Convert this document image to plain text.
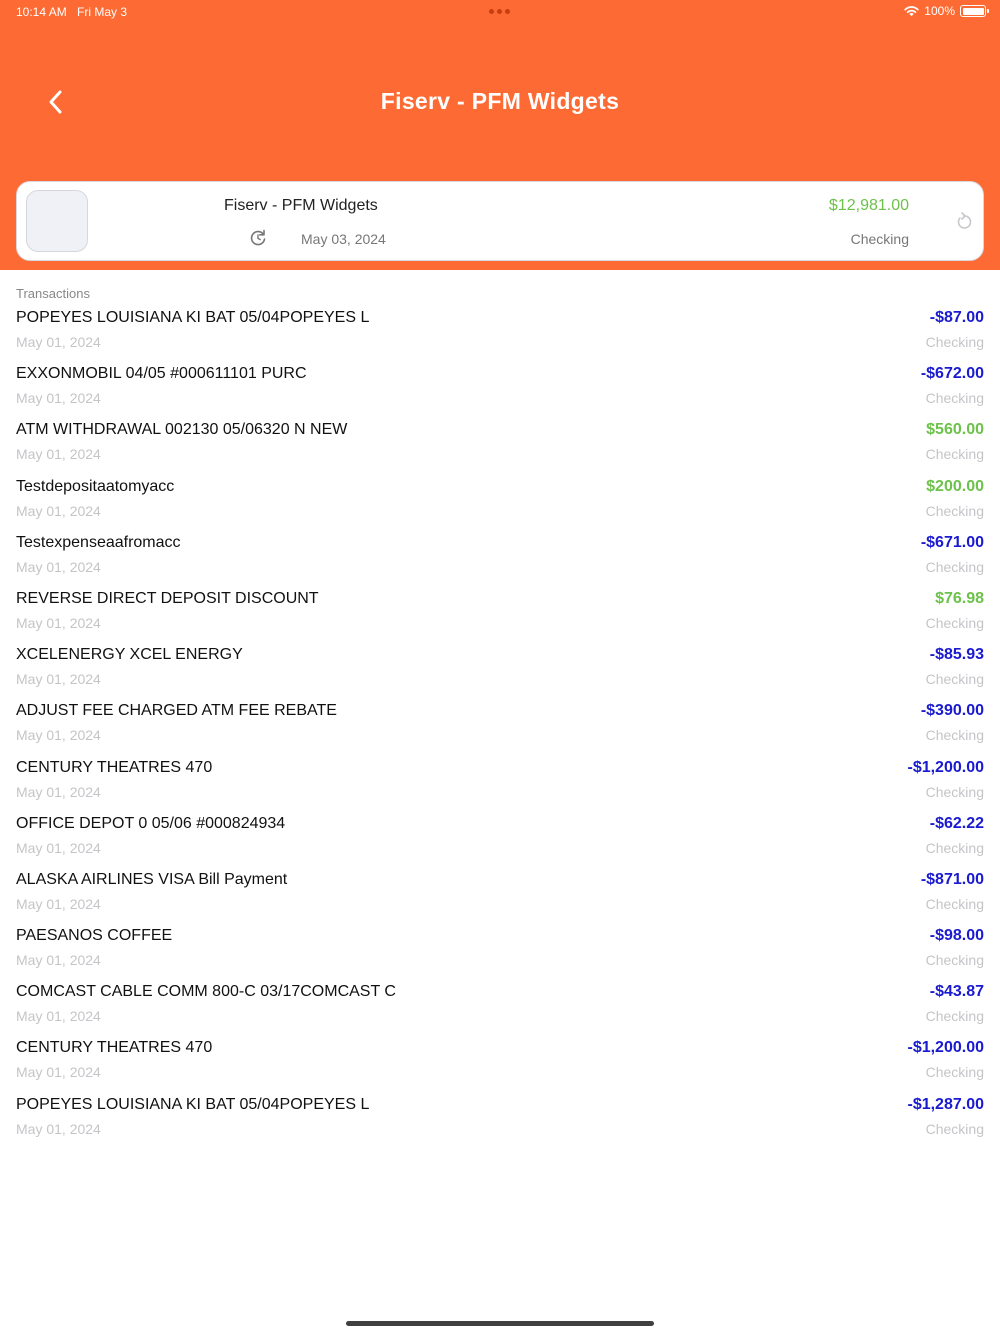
10:14 AM Fri May 3	100%
Fiserv - PFM Widgets
Fiserv - PFM Widgets
May 03, 2024
$12,981.00
Checking
Transactions
POPEYES LOUISIANA KI BAT 05/04POPEYES L
May 01, 2024
-$87.00
Checking
EXXONMOBIL 04/05 #000611101 PURC
May 01, 2024
-$672.00
Checking
ATM WITHDRAWAL 002130 05/06320 N NEW
May 01, 2024
$560.00
Checking
Testdepositaatomyacc
May 01, 2024
$200.00
Checking
Testexpenseaafromacc
May 01, 2024
-$671.00
Checking
REVERSE DIRECT DEPOSIT DISCOUNT
May 01, 2024
$76.98
Checking
XCELENERGY XCEL ENERGY
May 01, 2024
-$85.93
Checking
ADJUST FEE CHARGED ATM FEE REBATE
May 01, 2024
-$390.00
Checking
CENTURY THEATRES 470
May 01, 2024
-$1,200.00
Checking
OFFICE DEPOT 0 05/06 #000824934
May 01, 2024
-$62.22
Checking
ALASKA AIRLINES VISA Bill Payment
May 01, 2024
-$871.00
Checking
PAESANOS COFFEE
May 01, 2024
-$98.00
Checking
COMCAST CABLE COMM 800-C 03/17COMCAST C
May 01, 2024
-$43.87
Checking
CENTURY THEATRES 470
May 01, 2024
-$1,200.00
Checking
POPEYES LOUISIANA KI BAT 05/04POPEYES L
May 01, 2024
-$1,287.00
Checking
